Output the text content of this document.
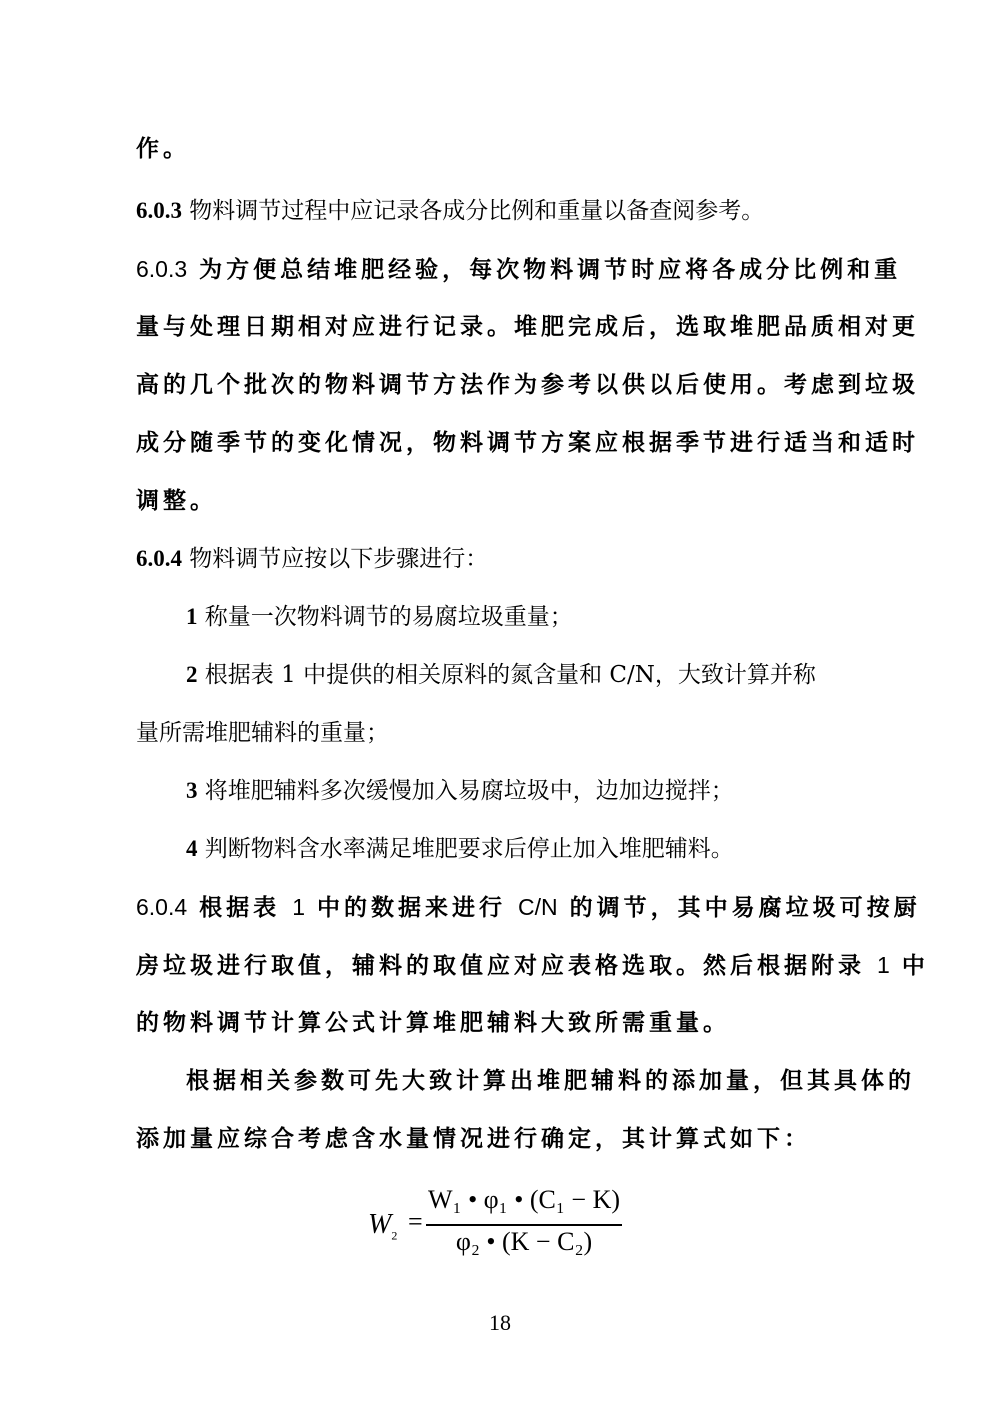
作。
6.0.3 物料调节过程中应记录各成分比例和重量以备查阅参考。
6.0.3 为方便总结堆肥经验，每次物料调节时应将各成分比例和重
量与处理日期相对应进行记录。堆肥完成后，选取堆肥品质相对更
高的几个批次的物料调节方法作为参考以供以后使用。考虑到垃圾
成分随季节的变化情况，物料调节方案应根据季节进行适当和适时
调整。
6.0.4 物料调节应按以下步骤进行：
1 称量一次物料调节的易腐垃圾重量；
2 根据表 1 中提供的相关原料的氮含量和 C/N，大致计算并称
量所需堆肥辅料的重量；
3 将堆肥辅料多次缓慢加入易腐垃圾中，边加边搅拌；
4 判断物料含水率满足堆肥要求后停止加入堆肥辅料。
6.0.4 根据表 1 中的数据来进行 C/N 的调节，其中易腐垃圾可按厨
房垃圾进行取值，辅料的取值应对应表格选取。然后根据附录 1 中
的物料调节计算公式计算堆肥辅料大致所需重量。
根据相关参数可先大致计算出堆肥辅料的添加量，但其具体的
添加量应综合考虑含水量情况进行确定，其计算式如下：
$W_2$ =
W₁ • φ₁ • (C₁ − K)
φ₂ • (K − C₂)
18
